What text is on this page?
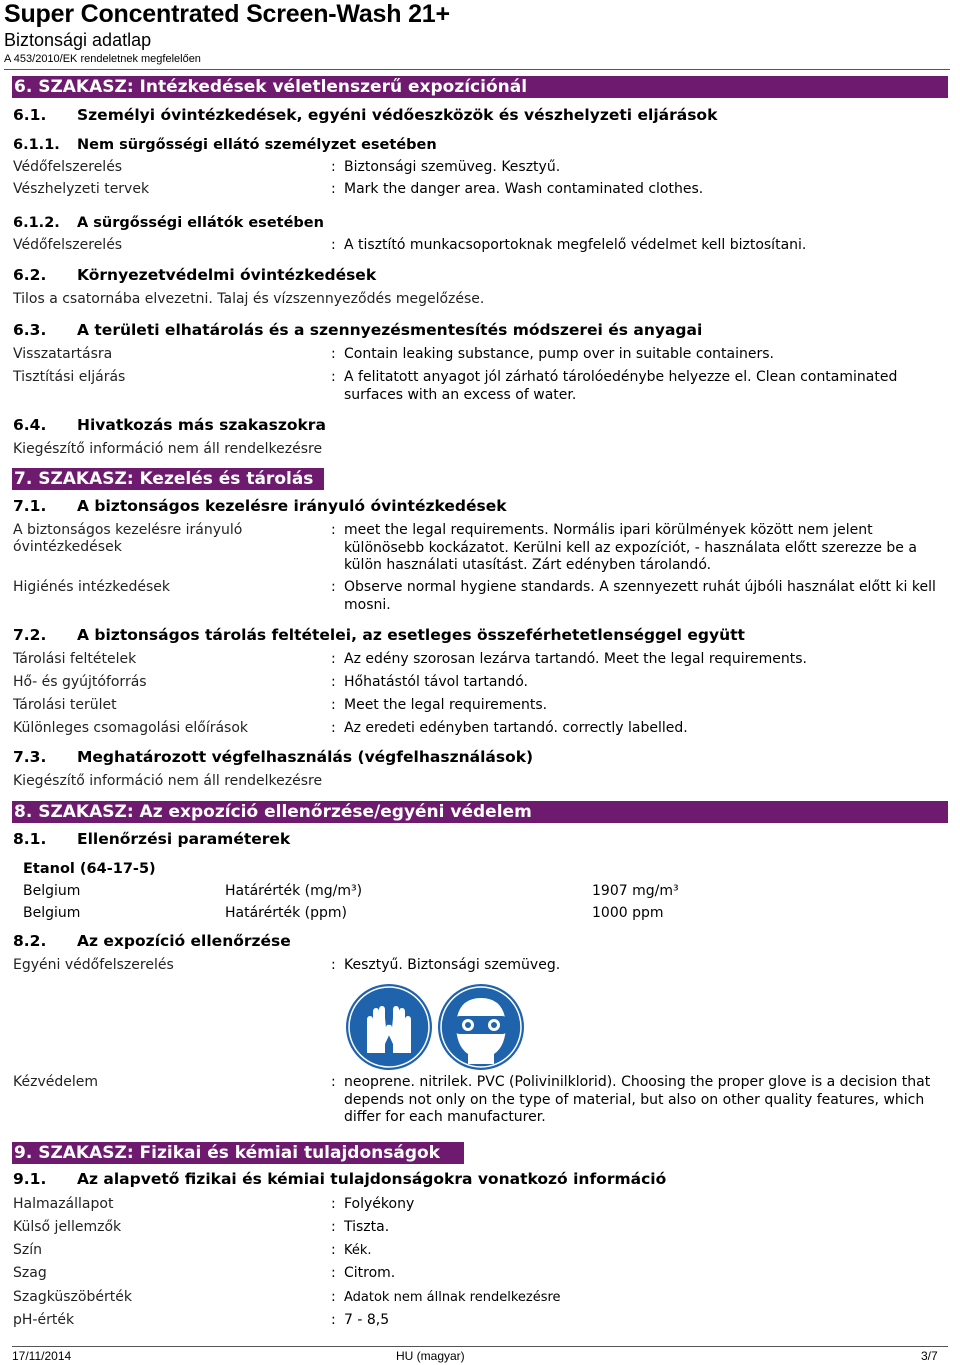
Super Concentrated Screen-Wash 21+
Biztonsági adatlap
A 453/2010/EK rendeletnek megfelelően
6. SZAKASZ: Intézkedések véletlenszerű expozíciónál
6.1. Személyi óvintézkedések, egyéni védőeszközök és vészhelyzeti eljárások
6.1.1. Nem sürgősségi ellátó személyzet esetében
Védőfelszerelés	: Biztonsági szemüveg. Kesztyű.
Vészhelyzeti tervek	: Mark the danger area. Wash contaminated clothes.
6.1.2. A sürgősségi ellátók esetében
Védőfelszerelés	: A tisztító munkacsoportoknak megfelelő védelmet kell biztosítani.
6.2. Környezetvédelmi óvintézkedések
Tilos a csatornába elvezetni. Talaj és vízszennyeződés megelőzése.
6.3. A területi elhatárolás és a szennyezésmentesítés módszerei és anyagai
Visszatartásra	: Contain leaking substance, pump over in suitable containers.
Tisztítási eljárás	: A felitatott anyagot jól zárható tárolóedénybe helyezze el. Clean contaminated surfaces with an excess of water.
6.4. Hivatkozás más szakaszokra
Kiegészítő információ nem áll rendelkezésre
7. SZAKASZ: Kezelés és tárolás
7.1. A biztonságos kezelésre irányuló óvintézkedések
A biztonságos kezelésre irányuló
óvintézkedések
: meet the legal requirements. Normális ipari körülmények között nem jelent különösebb kockázatot. Kerülni kell az expozíciót, - használata előtt szerezze be a külön használati utasítást. Zárt edényben tárolandó.
Higiénés intézkedések	: Observe normal hygiene standards. A szennyezett ruhát újbóli használat előtt ki kell mosni.
7.2. A biztonságos tárolás feltételei, az esetleges összeférhetetlenséggel együtt
Tárolási feltételek	: Az edény szorosan lezárva tartandó. Meet the legal requirements.
Hő- és gyújtóforrás	: Hőhatástól távol tartandó.
Tárolási terület	: Meet the legal requirements.
Különleges csomagolási előírások	: Az eredeti edényben tartandó. correctly labelled.
7.3. Meghatározott végfelhasználás (végfelhasználások)
Kiegészítő információ nem áll rendelkezésre
8. SZAKASZ: Az expozíció ellenőrzése/egyéni védelem
8.1. Ellenőrzési paraméterek
Etanol (64-17-5)
Belgium	Határérték (mg/m³)	1907 mg/m³
Belgium	Határérték (ppm)	1000 ppm
8.2. Az expozíció ellenőrzése
Egyéni védőfelszerelés	: Kesztyű. Biztonsági szemüveg.
Kézvédelem	: neoprene. nitrilek. PVC (Polivinilklorid). Choosing the proper glove is a decision that depends not only on the type of material, but also on other quality features, which differ for each manufacturer.
9. SZAKASZ: Fizikai és kémiai tulajdonságok
9.1. Az alapvető fizikai és kémiai tulajdonságokra vonatkozó információ
Halmazállapot	: Folyékony
Külső jellemzők	: Tiszta.
Szín	: Kék.
Szag	: Citrom.
Szagküszöbérték	: Adatok nem állnak rendelkezésre
pH-érték	: 7 - 8,5
17/11/2014	HU (magyar)	3/7
